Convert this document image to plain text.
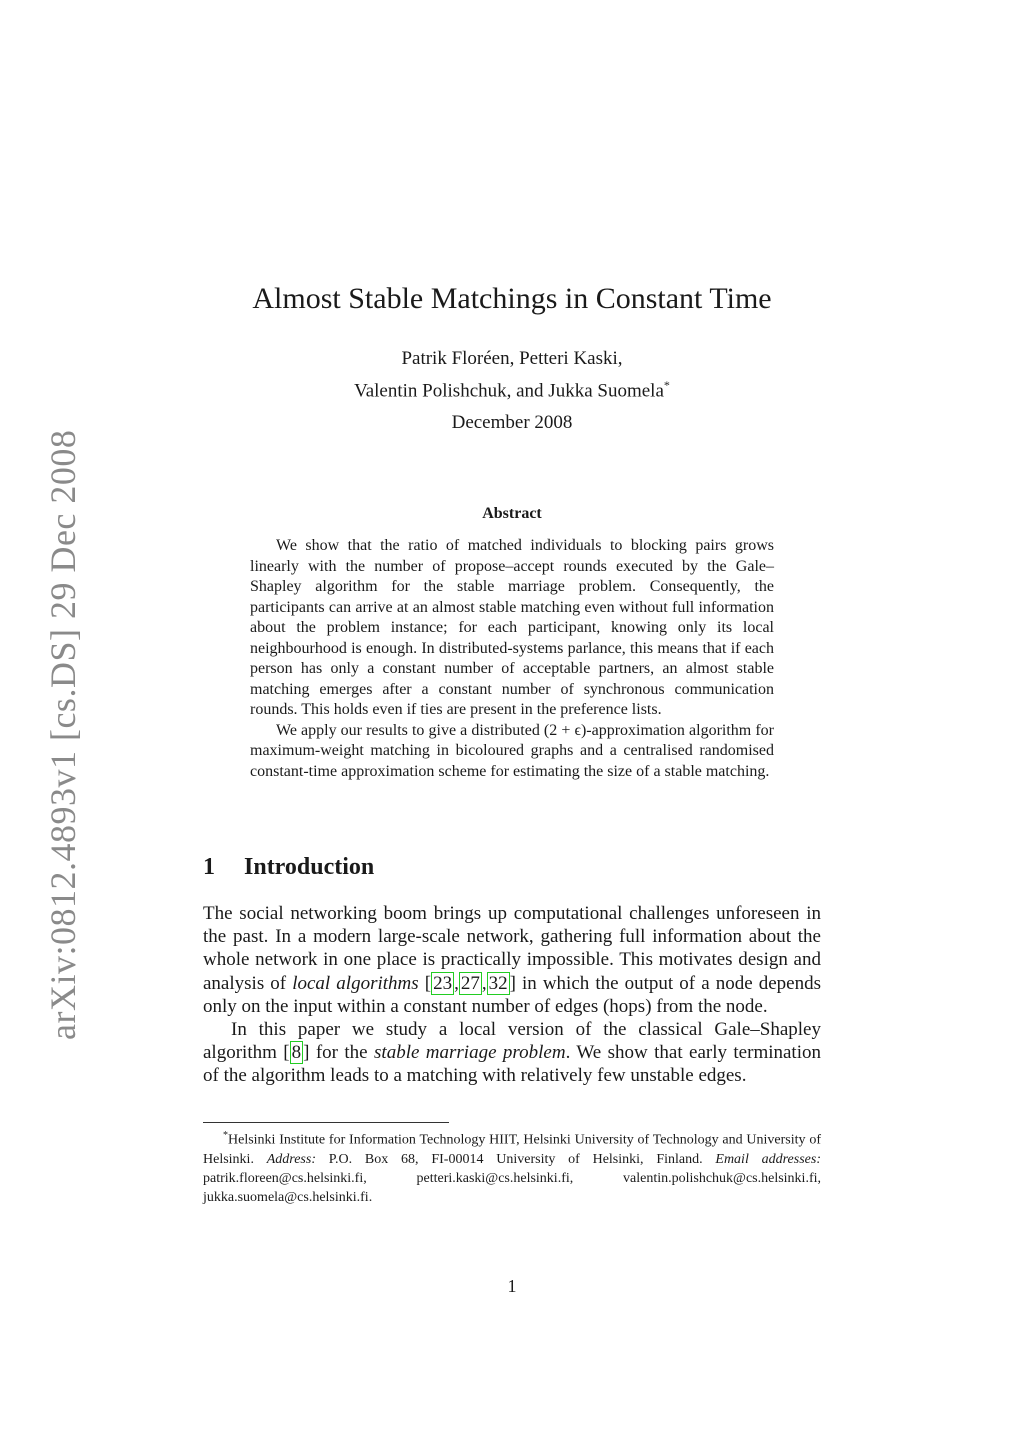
arXiv:0812.4893v1 [cs.DS] 29 Dec 2008
Almost Stable Matchings in Constant Time
Patrik Floréen, Petteri Kaski,
Valentin Polishchuk, and Jukka Suomela*
December 2008
Abstract

We show that the ratio of matched individuals to blocking pairs grows linearly with the number of propose–accept rounds executed by the Gale–Shapley algorithm for the stable marriage problem. Consequently, the participants can arrive at an almost stable matching even without full information about the problem instance; for each participant, knowing only its local neighbourhood is enough. In distributed-systems parlance, this means that if each person has only a constant number of acceptable partners, an almost stable matching emerges after a constant number of synchronous communication rounds. This holds even if ties are present in the preference lists.

We apply our results to give a distributed (2 + ϵ)-approximation algorithm for maximum-weight matching in bicoloured graphs and a centralised randomised constant-time approximation scheme for estimating the size of a stable matching.

1 Introduction

The social networking boom brings up computational challenges unforeseen in the past. In a modern large-scale network, gathering full information about the whole network in one place is practically impossible. This motivates design and analysis of local algorithms [ 23 , 27 , 32 ] in which the output of a node depends only on the input within a constant number of edges (hops) from the node.

In this paper we study a local version of the classical Gale–Shapley algorithm [ 8 ] for the stable marriage problem. We show that early termination of the algorithm leads to a matching with relatively few unstable edges.

*Helsinki Institute for Information Technology HIIT, Helsinki University of Technology and University of Helsinki. Address: P.O. Box 68, FI-00014 University of Helsinki, Finland. Email addresses: patrik.floreen@cs.helsinki.fi, petteri.kaski@cs.helsinki.fi, valentin.polishchuk@cs.helsinki.fi, jukka.suomela@cs.helsinki.fi.

1
